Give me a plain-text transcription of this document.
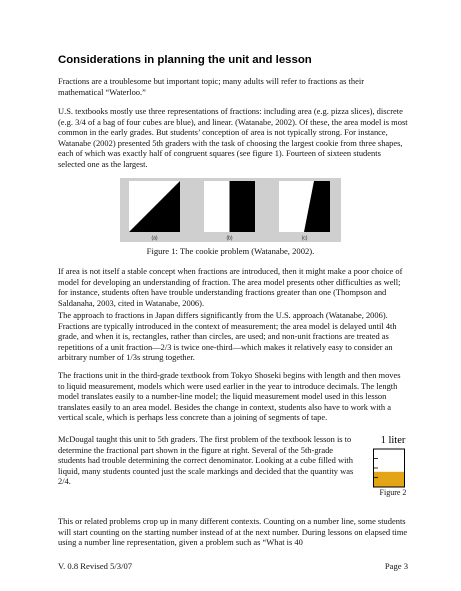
Considerations in planning the unit and lesson

Fractions are a troublesome but important topic; many adults will refer to fractions as their mathematical “Waterloo.”

U.S. textbooks mostly use three representations of fractions: including area (e.g. pizza slices), discrete (e.g. 3/4 of a bag of four cubes are blue), and linear. (Watanabe, 2002). Of these, the area model is most common in the early grades. But students’ conception of area is not typically strong. For instance, Watanabe (2002) presented 5th graders with the task of choosing the largest cookie from three shapes, each of which was exactly half of congruent squares (see figure 1). Fourteen of sixteen students selected one as the largest.

(a)	(b)	(c)
Figure 1: The cookie problem (Watanabe, 2002).

If area is not itself a stable concept when fractions are introduced, then it might make a poor choice of model for developing an understanding of fraction. The area model presents other difficulties as well; for instance, students often have trouble understanding fractions greater than one (Thompson and Saldanaha, 2003, cited in Watanabe, 2006).

The approach to fractions in Japan differs significantly from the U.S. approach (Watanabe, 2006). Fractions are typically introduced in the context of measurement; the area model is delayed until 4th grade, and when it is, rectangles, rather than circles, are used; and non-unit fractions are treated as repetitions of a unit fraction—2/3 is twice one-third—which makes it relatively easy to consider an arbitrary number of 1/3s strung together.

The fractions unit in the third-grade textbook from Tokyo Shoseki begins with length and then moves to liquid measurement, models which were used earlier in the year to introduce decimals. The length model translates easily to a number-line model; the liquid measurement model used in this lesson translates easily to an area model. Besides the change in context, students also have to work with a vertical scale, which is perhaps less concrete than a joining of segments of tape.

McDougal taught this unit to 5th graders. The first problem of the textbook lesson is to determine the fractional part shown in the figure at right. Several of the 5th-grade students had trouble determining the correct denominator. Looking at a cube filled with liquid, many students counted just the scale markings and decided that the quantity was 2/4.

1 liter
Figure 2

This or related problems crop up in many different contexts. Counting on a number line, some students will start counting on the starting number instead of at the next number. During lessons on elapsed time using a number line representation, given a problem such as “What is 40

V. 0.8 Revised 5/3/07	Page 3
